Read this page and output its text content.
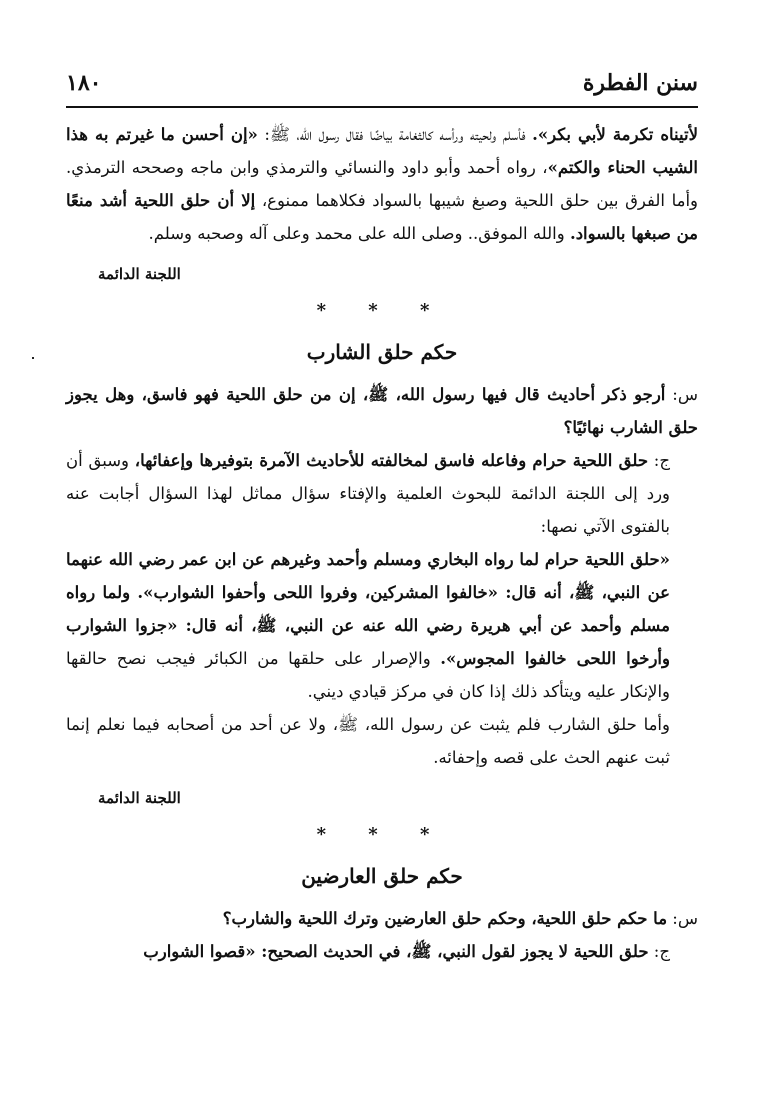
سنن الفطرة
١٨٠

لأتيناه تكرمة لأبي بكر». فأسلم ولحيته ورأسه كالثغامة بياضًا فقال رسول الله، ﷺ: «إن أحسن ما غيرتم به هذا الشيب الحناء والكتم»، رواه أحمد وأبو داود والنسائي والترمذي وابن ماجه وصححه الترمذي. وأما الفرق بين حلق اللحية وصبغ شيبها بالسواد فكلاهما ممنوع، إلا أن حلق اللحية أشد منعًا من صبغها بالسواد. والله الموفق.. وصلى الله على محمد وعلى آله وصحبه وسلم.

اللجنة الدائمة
* * *
حكم حلق الشارب

س: أرجو ذكر أحاديث قال فيها رسول الله، ﷺ، إن من حلق اللحية فهو فاسق، وهل يجوز حلق الشارب نهائيًا؟

ج: حلق اللحية حرام وفاعله فاسق لمخالفته للأحاديث الآمرة بتوفيرها وإعفائها، وسبق أن ورد إلى اللجنة الدائمة للبحوث العلمية والإفتاء سؤال مماثل لهذا السؤال أجابت عنه بالفتوى الآتي نصها:

«حلق اللحية حرام لما رواه البخاري ومسلم وأحمد وغيرهم عن ابن عمر رضي الله عنهما عن النبي، ﷺ، أنه قال: «خالفوا المشركين، وفروا اللحى وأحفوا الشوارب». ولما رواه مسلم وأحمد عن أبي هريرة رضي الله عنه عن النبي، ﷺ، أنه قال: «جزوا الشوارب وأرخوا اللحى خالفوا المجوس». والإصرار على حلقها من الكبائر فيجب نصح حالقها والإنكار عليه ويتأكد ذلك إذا كان في مركز قيادي ديني.

وأما حلق الشارب فلم يثبت عن رسول الله، ﷺ، ولا عن أحد من أصحابه فيما نعلم إنما ثبت عنهم الحث على قصه وإحفائه.

اللجنة الدائمة
* * *
حكم حلق العارضين

س: ما حكم حلق اللحية، وحكم حلق العارضين وترك اللحية والشارب؟

ج: حلق اللحية لا يجوز لقول النبي، ﷺ، في الحديث الصحيح: «قصوا الشوارب
